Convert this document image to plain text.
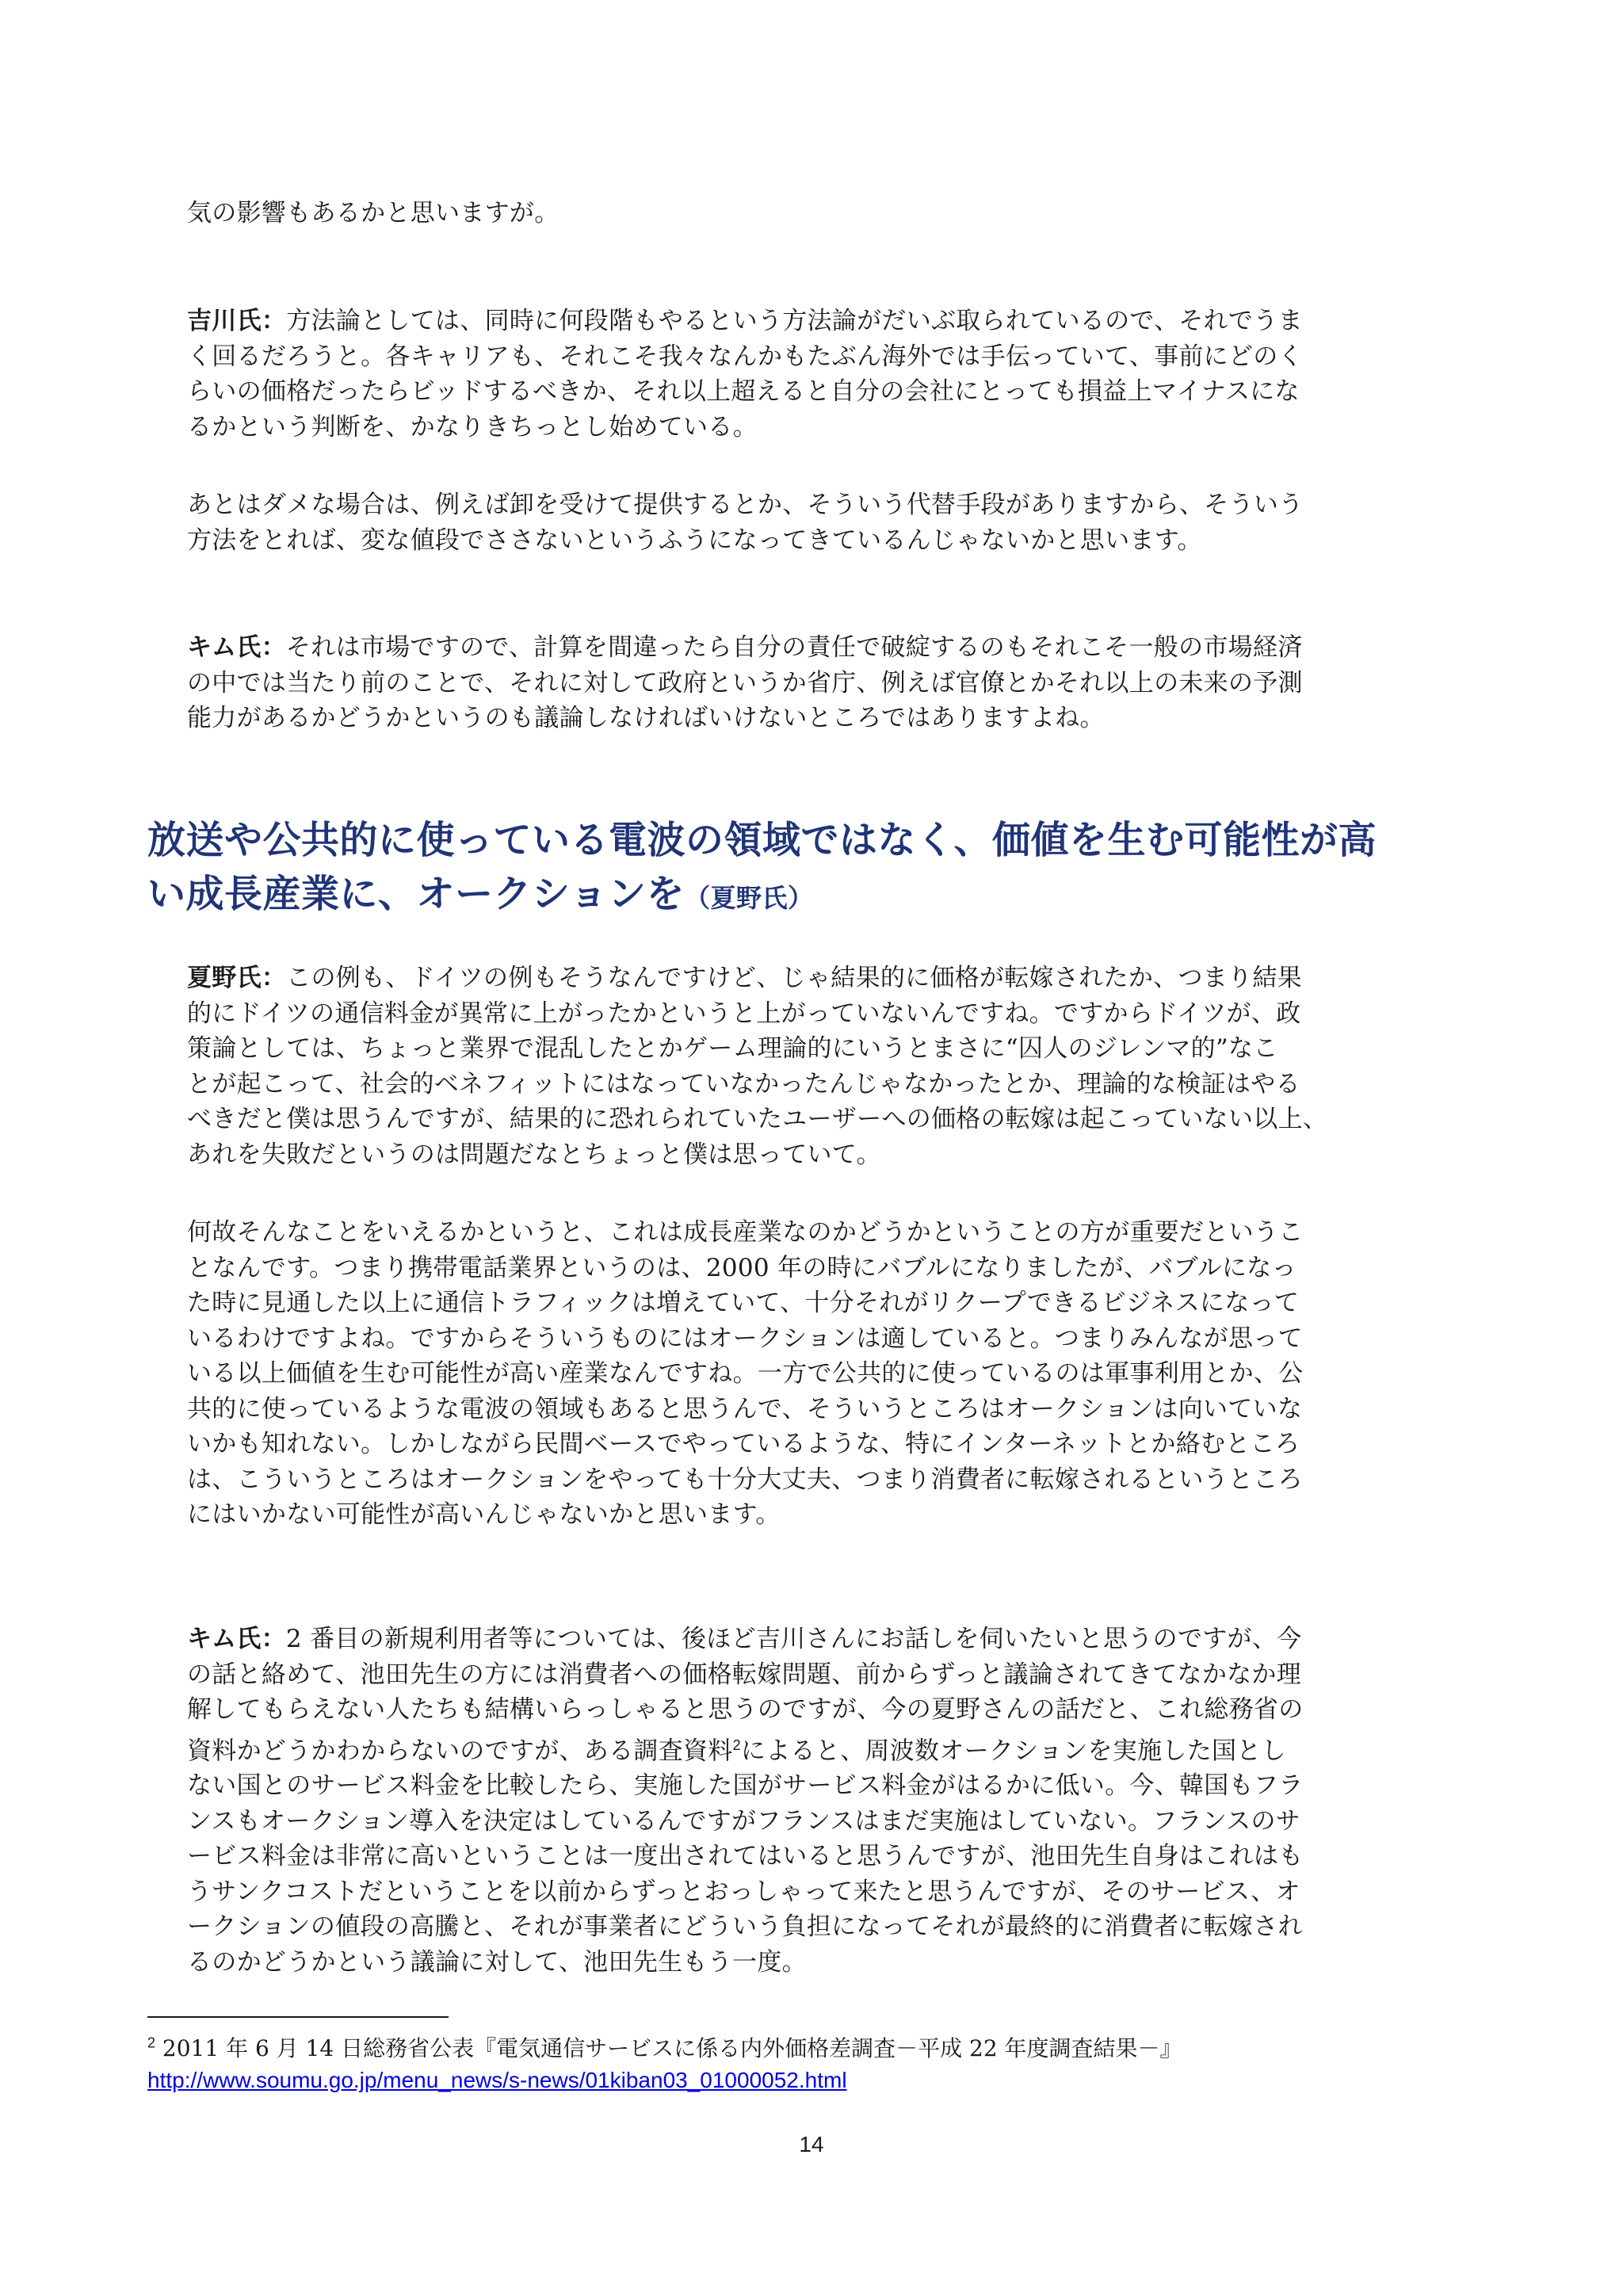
気の影響もあるかと思いますが。
吉川氏：方法論としては、同時に何段階もやるという方法論がだいぶ取られているので、それでうま
く回るだろうと。各キャリアも、それこそ我々なんかもたぶん海外では手伝っていて、事前にどのく
らいの価格だったらビッドするべきか、それ以上超えると自分の会社にとっても損益上マイナスにな
るかという判断を、かなりきちっとし始めている。
あとはダメな場合は、例えば卸を受けて提供するとか、そういう代替手段がありますから、そういう
方法をとれば、変な値段でささないというふうになってきているんじゃないかと思います。
キム氏：それは市場ですので、計算を間違ったら自分の責任で破綻するのもそれこそ一般の市場経済
の中では当たり前のことで、それに対して政府というか省庁、例えば官僚とかそれ以上の未来の予測
能力があるかどうかというのも議論しなければいけないところではありますよね。
放送や公共的に使っている電波の領域ではなく、価値を生む可能性が高
い成長産業に、オークションを（夏野氏）
夏野氏：この例も、ドイツの例もそうなんですけど、じゃ結果的に価格が転嫁されたか、つまり結果
的にドイツの通信料金が異常に上がったかというと上がっていないんですね。ですからドイツが、政
策論としては、ちょっと業界で混乱したとかゲーム理論的にいうとまさに“囚人のジレンマ的”なこ
とが起こって、社会的ベネフィットにはなっていなかったんじゃなかったとか、理論的な検証はやる
べきだと僕は思うんですが、結果的に恐れられていたユーザーへの価格の転嫁は起こっていない以上、
あれを失敗だというのは問題だなとちょっと僕は思っていて。
何故そんなことをいえるかというと、これは成長産業なのかどうかということの方が重要だというこ
となんです。つまり携帯電話業界というのは、2000 年の時にバブルになりましたが、バブルになっ
た時に見通した以上に通信トラフィックは増えていて、十分それがリクープできるビジネスになって
いるわけですよね。ですからそういうものにはオークションは適していると。つまりみんなが思って
いる以上価値を生む可能性が高い産業なんですね。一方で公共的に使っているのは軍事利用とか、公
共的に使っているような電波の領域もあると思うんで、そういうところはオークションは向いていな
いかも知れない。しかしながら民間ベースでやっているような、特にインターネットとか絡むところ
は、こういうところはオークションをやっても十分大丈夫、つまり消費者に転嫁されるというところ
にはいかない可能性が高いんじゃないかと思います。
キム氏：2 番目の新規利用者等については、後ほど吉川さんにお話しを伺いたいと思うのですが、今
の話と絡めて、池田先生の方には消費者への価格転嫁問題、前からずっと議論されてきてなかなか理
解してもらえない人たちも結構いらっしゃると思うのですが、今の夏野さんの話だと、これ総務省の
資料かどうかわからないのですが、ある調査資料$^2$によると、周波数オークションを実施した国とし
ない国とのサービス料金を比較したら、実施した国がサービス料金がはるかに低い。今、韓国もフラ
ンスもオークション導入を決定はしているんですがフランスはまだ実施はしていない。フランスのサ
ービス料金は非常に高いということは一度出されてはいると思うんですが、池田先生自身はこれはも
うサンクコストだということを以前からずっとおっしゃって来たと思うんですが、そのサービス、オ
ークションの値段の高騰と、それが事業者にどういう負担になってそれが最終的に消費者に転嫁され
るのかどうかという議論に対して、池田先生もう一度。
$^2$ 2011 年 6 月 14 日総務省公表『電気通信サービスに係る内外価格差調査－平成 22 年度調査結果－』
http://www.soumu.go.jp/menu_news/s-news/01kiban03_01000052.html
14
